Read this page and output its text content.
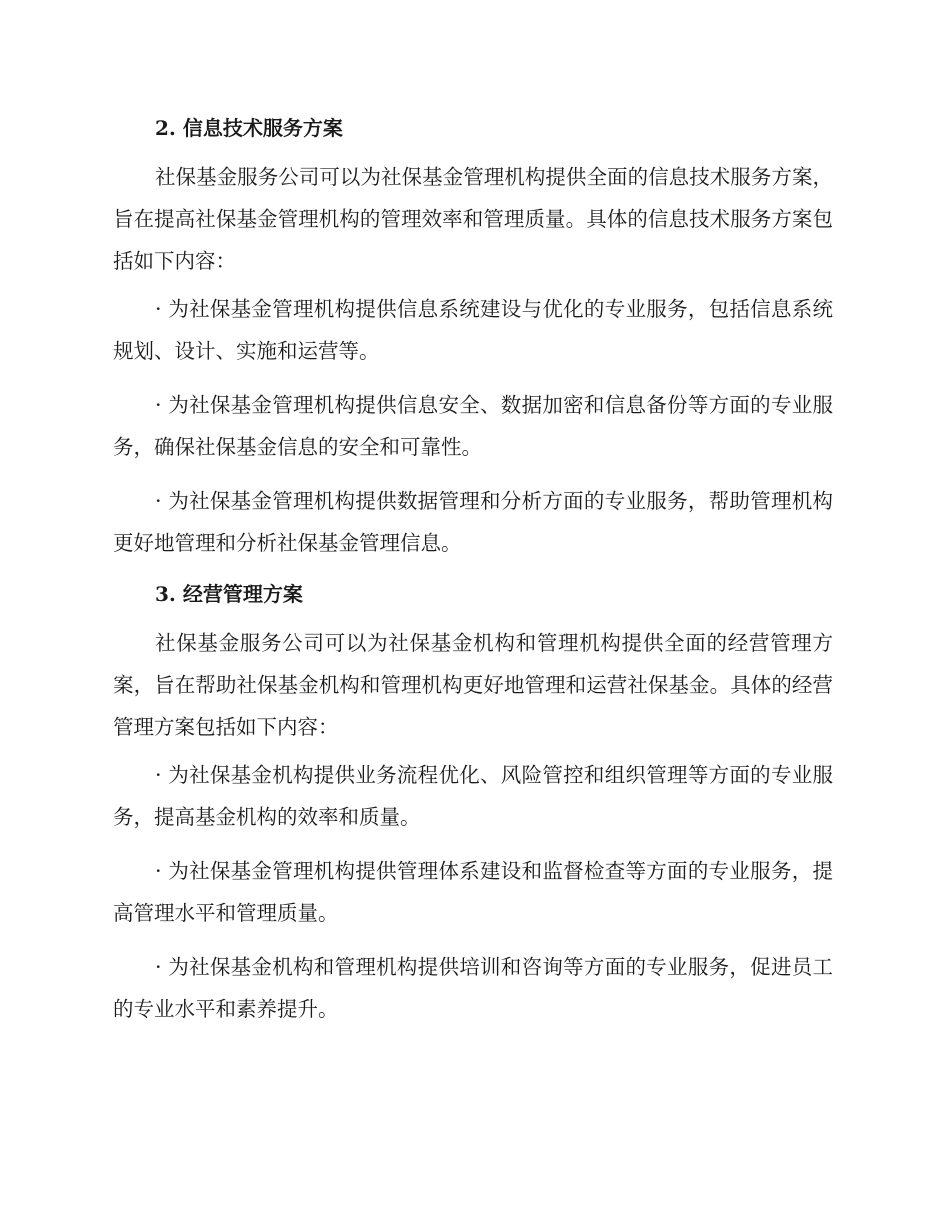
2. 信息技术服务方案

社保基金服务公司可以为社保基金管理机构提供全面的信息技术服务方案，旨在提高社保基金管理机构的管理效率和管理质量。具体的信息技术服务方案包括如下内容：

· 为社保基金管理机构提供信息系统建设与优化的专业服务，包括信息系统规划、设计、实施和运营等。

· 为社保基金管理机构提供信息安全、数据加密和信息备份等方面的专业服务，确保社保基金信息的安全和可靠性。

· 为社保基金管理机构提供数据管理和分析方面的专业服务，帮助管理机构更好地管理和分析社保基金管理信息。

3. 经营管理方案

社保基金服务公司可以为社保基金机构和管理机构提供全面的经营管理方案，旨在帮助社保基金机构和管理机构更好地管理和运营社保基金。具体的经营管理方案包括如下内容：

· 为社保基金机构提供业务流程优化、风险管控和组织管理等方面的专业服务，提高基金机构的效率和质量。

· 为社保基金管理机构提供管理体系建设和监督检查等方面的专业服务，提高管理水平和管理质量。

· 为社保基金机构和管理机构提供培训和咨询等方面的专业服务，促进员工的专业水平和素养提升。
